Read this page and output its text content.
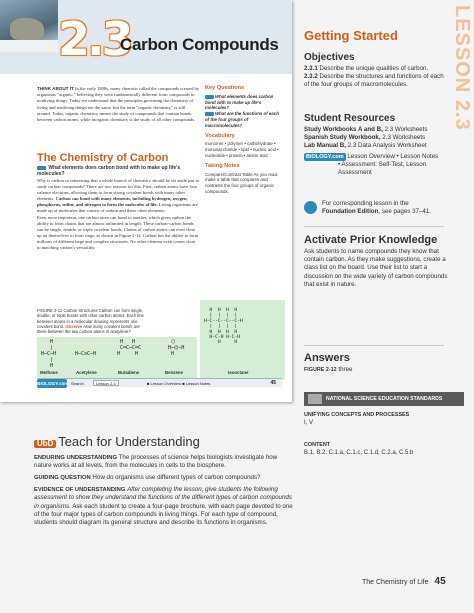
2.3
Carbon Compounds
THINK ABOUT IT In the early 1800s, many chemists called the compounds created by organisms "organic," believing they were fundamentally different from compounds in nonliving things. Today we understand that the principles governing the chemistry of living and nonliving things are the same, but the term "organic chemistry" is still around. Today, organic chemistry means the study of compounds that contain bonds between carbon atoms, while inorganic chemistry is the study of all other compounds.
The Chemistry of Carbon
What elements does carbon bond with to make up life's molecules?
Why is carbon so interesting that a whole branch of chemistry should be set aside just to study carbon compounds? There are two reasons for this. First, carbon atoms have four valence electrons, allowing them to form strong covalent bonds with many other elements. Carbon can bond with many elements, including hydrogen, oxygen, phosphorus, sulfur, and nitrogen to form the molecules of life. Living organisms are made up of molecules that consist of carbon and these other elements.
Even more important, one carbon atom can bond to another, which gives carbon the ability to form chains that are almost unlimited in length. These carbon-carbon bonds can be single, double, or triple covalent bonds. Chains of carbon atoms can even close up on themselves to form rings, as shown in Figure 2-12. Carbon has the ability to form millions of different large and complex structures. No other element even comes close to matching carbon's versatility.
Key Questions
What elements does carbon bond with to make up life's molecules?
What are the functions of each of the four groups of macromolecules?
Vocabulary
monomer • polymer • carbohydrate • monosaccharide • lipid • nucleic acid • nucleotide • protein • amino acid
Taking Notes
Compare/Contrast Table As you read, make a table that compares and contrasts the four groups of organic compounds.
FIGURE 2-12 Carbon Structures Carbon can form single, double, or triple bonds with other carbon atoms. Each line between atoms in a molecular drawing represents one covalent bond. Observe How many covalent bonds are there between the two carbon atoms in acetylene?
H
|
H─C─H
|
H
H─C≡C─H
H   H
C═C─C═C
H     H
⬡
H─⌬─H
H
H  H  H  H
|  |  |  |
H-C--C--C--C-H
|  |  |  |
H  H  H  H
H-C-H H-C-H
H     H
Methane	Acetylene	Butadiene	Benzene	Isooctane
BIOLOGY.com Search	Lesson 2.3	■ Lesson Overview ■ Lesson Notes	45
LESSON 2.3
Getting Started
Objectives
2.3.1 Describe the unique qualities of carbon.
2.3.2 Describe the structures and functions of each of the four groups of macromolecules.
Student Resources
Study Workbooks A and B, 2.3 Worksheets
Spanish Study Workbook, 2.3 Worksheets
Lab Manual B, 2.3 Data Analysis Worksheet
BIOLOGY.com Lesson Overview • Lesson Notes
• Assessment: Self-Test, Lesson Assessment
For corresponding lesson in the
Foundation Edition, see pages 37–41.
Activate Prior Knowledge
Ask students to name compounds they know that contain carbon. As they make suggestions, create a class list on the board. Use their list to start a discussion on the wide variety of carbon compounds that exist in nature.
Answers
FIGURE 2-12 three
NATIONAL SCIENCE EDUCATION STANDARDS
UNIFYING CONCEPTS AND PROCESSES
I, V
CONTENT
B.1, B.2, C.1.a, C.1.c, C.1.d, C.2.a, C.5.b
UbD Teach for Understanding
ENDURING UNDERSTANDING The processes of science helps biologists investigate how nature works at all levels, from the molecules in cells to the biosphere.
GUIDING QUESTION How do organisms use different types of carbon compounds?
EVIDENCE OF UNDERSTANDING After completing the lesson, give students the following assessment to show they understand the functions of the different types of carbon compounds in organisms. Ask each student to create a four-page brochure, with each page devoted to one of the four major types of carbon compounds in living things. For each type of compound, students should diagram its general structure and describe its functions in organisms.
The Chemistry of Life 45
